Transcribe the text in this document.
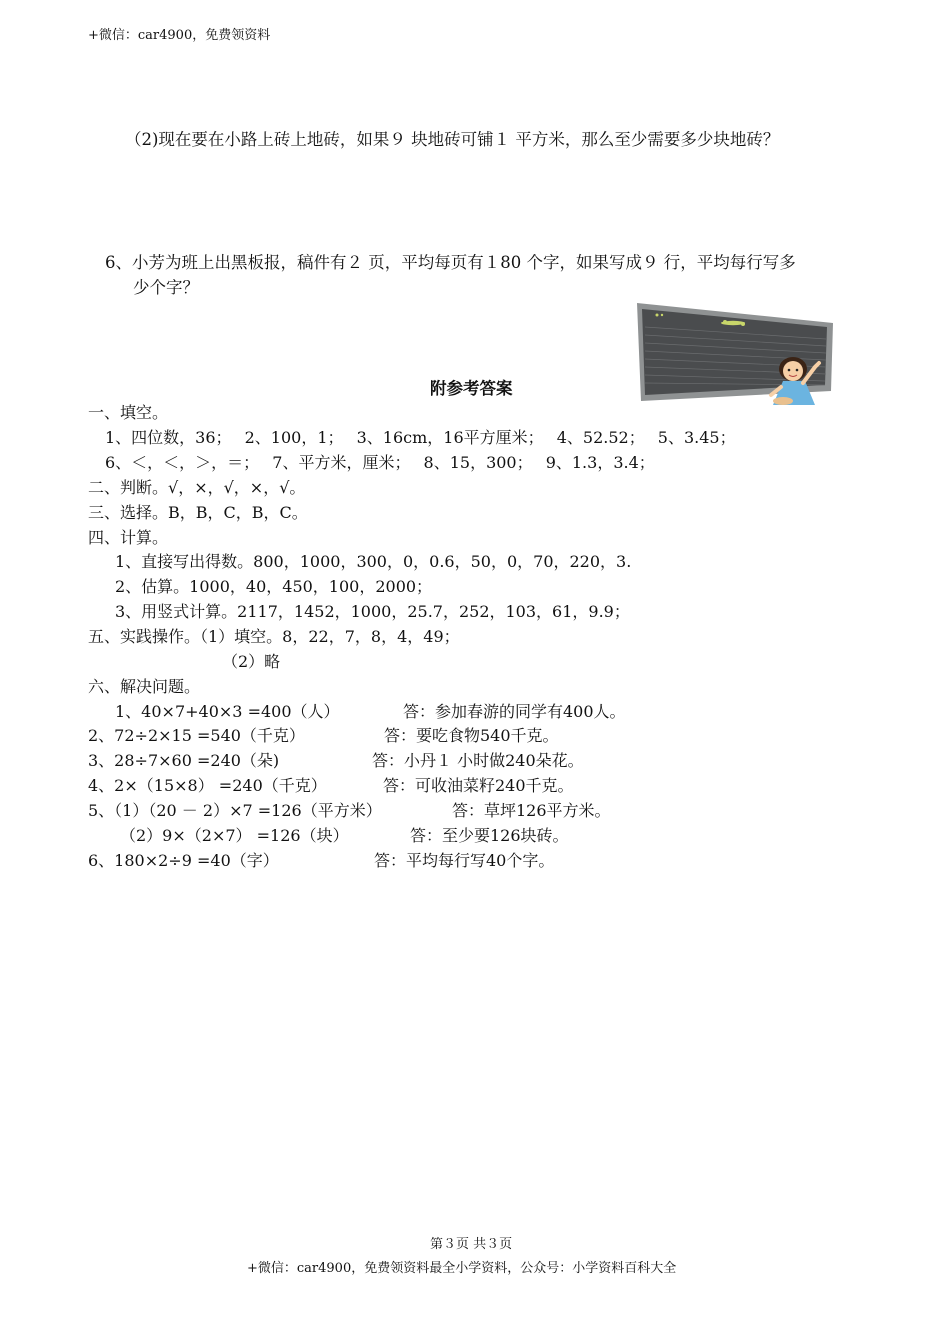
+微信：car4900，免费领资料
（2)现在要在小路上砖上地砖，如果９ 块地砖可铺１ 平方米，那么至少需要多少块地砖？
6、小芳为班上出黑板报，稿件有２ 页，平均每页有１80 个字，如果写成９ 行，平均每行写多
少个字？
附参考答案
一、填空。
1、四位数，36；　 2、100，1；　 3、16cm，16平方厘米；　 4、52.52；　 5、3.45；
6、＜，＜，＞，＝；　 7、平方米，厘米；　 8、15，300；　 9、1.3，3.4；
二、判断。√，×，√，×，√。
三、选择。B，B，C，B，C。
四、计算。
1、直接写出得数。800，1000，300，0，0.6，50，0，70，220，3.
2、估算。1000，40，450，100，2000；
3、用竖式计算。2117，1452，1000，25.7，252，103，61，9.9；
五、实践操作。（1）填空。8，22，7，8，4，49；
（2）略
六、解决问题。
1、40×7+40×3 =400（人）	答：参加春游的同学有400人。
2、72÷2×15 =540（千克）	答：要吃食物540千克。
3、28÷7×60 =240（朵)	答：小丹１ 小时做240朵花。
4、2×（15×8） =240（千克）	答：可收油菜籽240千克。
5、（1）（20 － 2）×7 =126（平方米）	答：草坪126平方米。
（2）9×（2×7） =126（块）	答：至少要126块砖。
6、180×2÷9 =40（字）	答：平均每行写40个字。
第３页 共３页
+微信：car4900，免费领资料最全小学资料，公众号：小学资料百科大全
